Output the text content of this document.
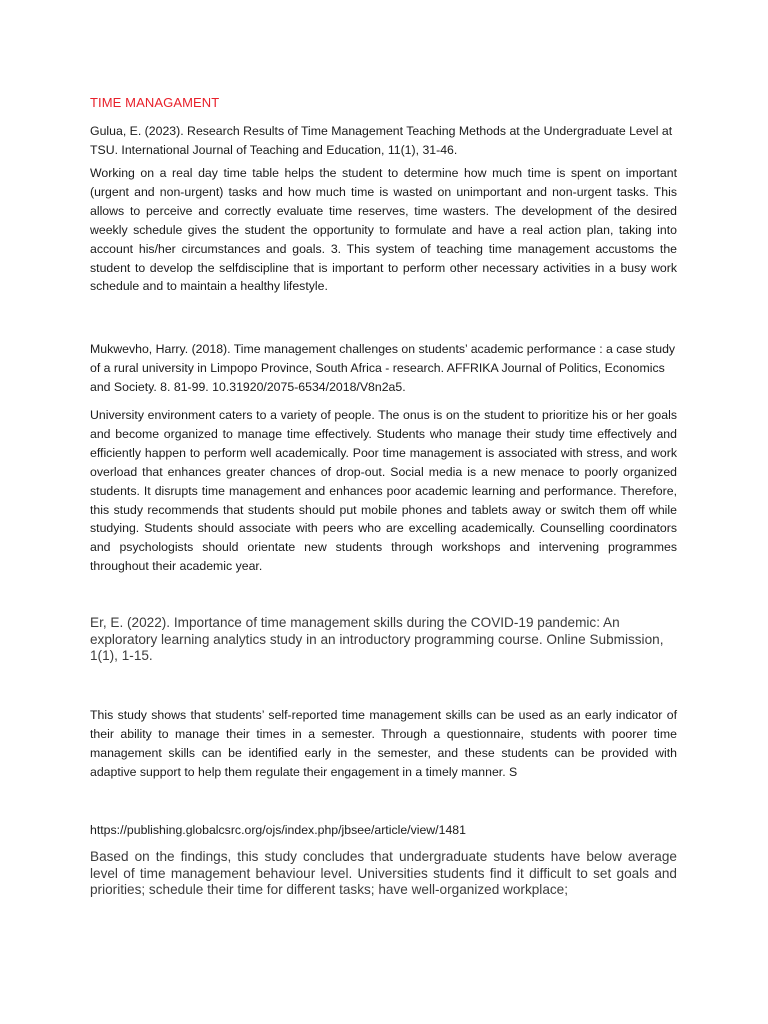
TIME MANAGAMENT

Gulua, E. (2023). Research Results of Time Management Teaching Methods at the Undergraduate Level at TSU. International Journal of Teaching and Education, 11(1), 31-46.

Working on a real day time table helps the student to determine how much time is spent on important (urgent and non-urgent) tasks and how much time is wasted on unimportant and non-urgent tasks. This allows to perceive and correctly evaluate time reserves, time wasters. The development of the desired weekly schedule gives the student the opportunity to formulate and have a real action plan, taking into account his/her circumstances and goals. 3. This system of teaching time management accustoms the student to develop the selfdiscipline that is important to perform other necessary activities in a busy work schedule and to maintain a healthy lifestyle.

Mukwevho, Harry. (2018). Time management challenges on students’ academic performance : a case study of a rural university in Limpopo Province, South Africa - research. AFFRIKA Journal of Politics, Economics and Society. 8. 81-99. 10.31920/2075-6534/2018/V8n2a5.

University environment caters to a variety of people. The onus is on the student to prioritize his or her goals and become organized to manage time effectively. Students who manage their study time effectively and efficiently happen to perform well academically. Poor time management is associated with stress, and work overload that enhances greater chances of drop-out. Social media is a new menace to poorly organized students. It disrupts time management and enhances poor academic learning and performance. Therefore, this study recommends that students should put mobile phones and tablets away or switch them off while studying. Students should associate with peers who are excelling academically. Counselling coordinators and psychologists should orientate new students through workshops and intervening programmes throughout their academic year.

Er, E. (2022). Importance of time management skills during the COVID-19 pandemic: An exploratory learning analytics study in an introductory programming course. Online Submission, 1(1), 1-15.

This study shows that students’ self-reported time management skills can be used as an early indicator of their ability to manage their times in a semester. Through a questionnaire, students with poorer time management skills can be identified early in the semester, and these students can be provided with adaptive support to help them regulate their engagement in a timely manner. S

https://publishing.globalcsrc.org/ojs/index.php/jbsee/article/view/1481

Based on the findings, this study concludes that undergraduate students have below average level of time management behaviour level. Universities students find it difficult to set goals and priorities; schedule their time for different tasks; have well-organized workplace;
